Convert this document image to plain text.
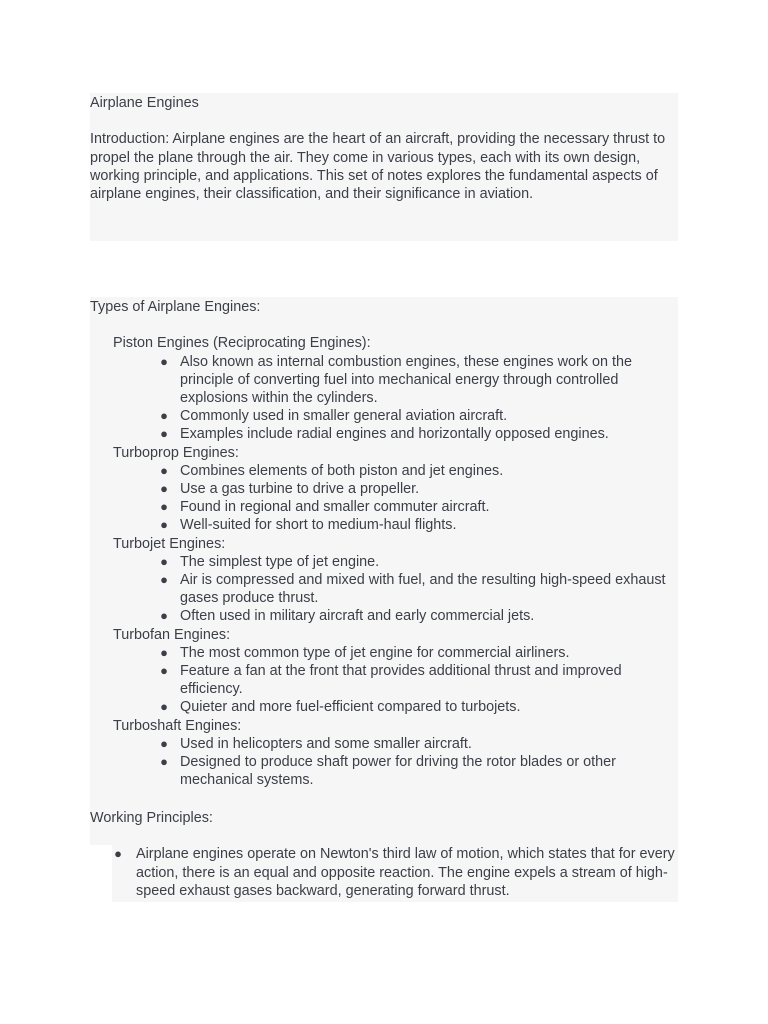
Airplane Engines

Introduction: Airplane engines are the heart of an aircraft, providing the necessary thrust to propel the plane through the air. They come in various types, each with its own design, working principle, and applications. This set of notes explores the fundamental aspects of airplane engines, their classification, and their significance in aviation.

Types of Airplane Engines:

Piston Engines (Reciprocating Engines):
● Also known as internal combustion engines, these engines work on the principle of converting fuel into mechanical energy through controlled explosions within the cylinders.
● Commonly used in smaller general aviation aircraft.
● Examples include radial engines and horizontally opposed engines.
Turboprop Engines:
● Combines elements of both piston and jet engines.
● Use a gas turbine to drive a propeller.
● Found in regional and smaller commuter aircraft.
● Well-suited for short to medium-haul flights.
Turbojet Engines:
● The simplest type of jet engine.
● Air is compressed and mixed with fuel, and the resulting high-speed exhaust gases produce thrust.
● Often used in military aircraft and early commercial jets.
Turbofan Engines:
● The most common type of jet engine for commercial airliners.
● Feature a fan at the front that provides additional thrust and improved efficiency.
● Quieter and more fuel-efficient compared to turbojets.
Turboshaft Engines:
● Used in helicopters and some smaller aircraft.
● Designed to produce shaft power for driving the rotor blades or other mechanical systems.

Working Principles:

● Airplane engines operate on Newton's third law of motion, which states that for every action, there is an equal and opposite reaction. The engine expels a stream of high-speed exhaust gases backward, generating forward thrust.
